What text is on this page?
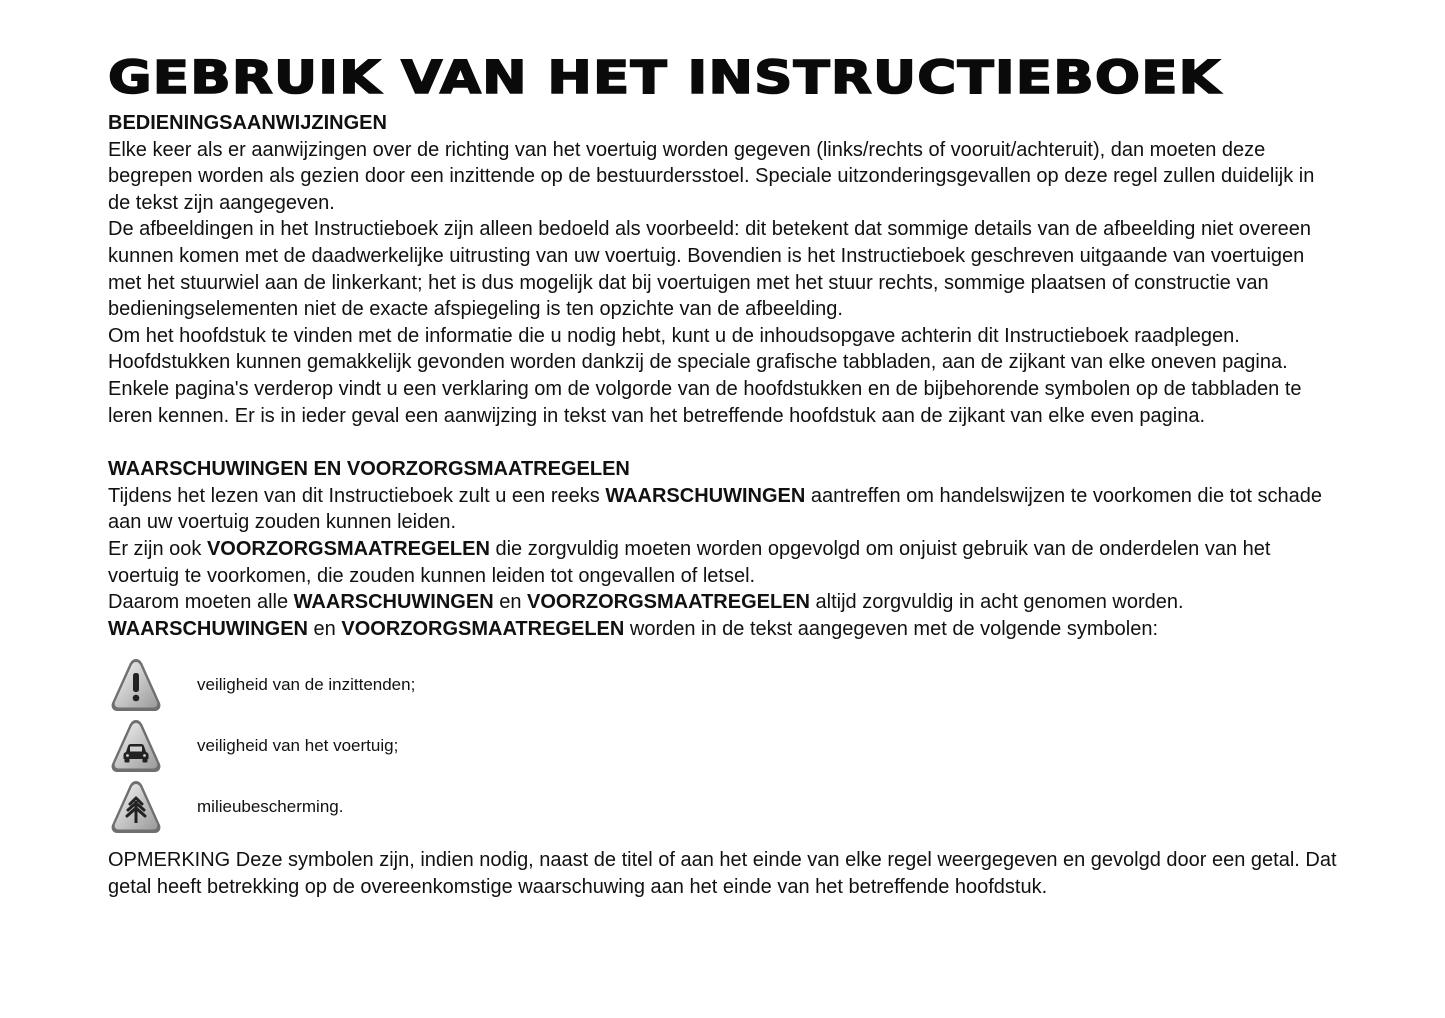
GEBRUIK VAN HET INSTRUCTIEBOEK
BEDIENINGSAANWIJZINGEN

Elke keer als er aanwijzingen over de richting van het voertuig worden gegeven (links/rechts of vooruit/achteruit), dan moeten deze begrepen worden als gezien door een inzittende op de bestuurdersstoel. Speciale uitzonderingsgevallen op deze regel zullen duidelijk in de tekst zijn aangegeven.

De afbeeldingen in het Instructieboek zijn alleen bedoeld als voorbeeld: dit betekent dat sommige details van de afbeelding niet overeen kunnen komen met de daadwerkelijke uitrusting van uw voertuig. Bovendien is het Instructieboek geschreven uitgaande van voertuigen met het stuurwiel aan de linkerkant; het is dus mogelijk dat bij voertuigen met het stuur rechts, sommige plaatsen of constructie van bedieningselementen niet de exacte afspiegeling is ten opzichte van de afbeelding.

Om het hoofdstuk te vinden met de informatie die u nodig hebt, kunt u de inhoudsopgave achterin dit Instructieboek raadplegen.

Hoofdstukken kunnen gemakkelijk gevonden worden dankzij de speciale grafische tabbladen, aan de zijkant van elke oneven pagina. Enkele pagina's verderop vindt u een verklaring om de volgorde van de hoofdstukken en de bijbehorende symbolen op de tabbladen te leren kennen. Er is in ieder geval een aanwijzing in tekst van het betreffende hoofdstuk aan de zijkant van elke even pagina.

WAARSCHUWINGEN EN VOORZORGSMAATREGELEN

Tijdens het lezen van dit Instructieboek zult u een reeks WAARSCHUWINGEN aantreffen om handelswijzen te voorkomen die tot schade aan uw voertuig zouden kunnen leiden.

Er zijn ook VOORZORGSMAATREGELEN die zorgvuldig moeten worden opgevolgd om onjuist gebruik van de onderdelen van het voertuig te voorkomen, die zouden kunnen leiden tot ongevallen of letsel.

Daarom moeten alle WAARSCHUWINGEN en VOORZORGSMAATREGELEN altijd zorgvuldig in acht genomen worden.

WAARSCHUWINGEN en VOORZORGSMAATREGELEN worden in de tekst aangegeven met de volgende symbolen:

veiligheid van de inzittenden;
veiligheid van het voertuig;
milieubescherming.

OPMERKING Deze symbolen zijn, indien nodig, naast de titel of aan het einde van elke regel weergegeven en gevolgd door een getal. Dat getal heeft betrekking op de overeenkomstige waarschuwing aan het einde van het betreffende hoofdstuk.
